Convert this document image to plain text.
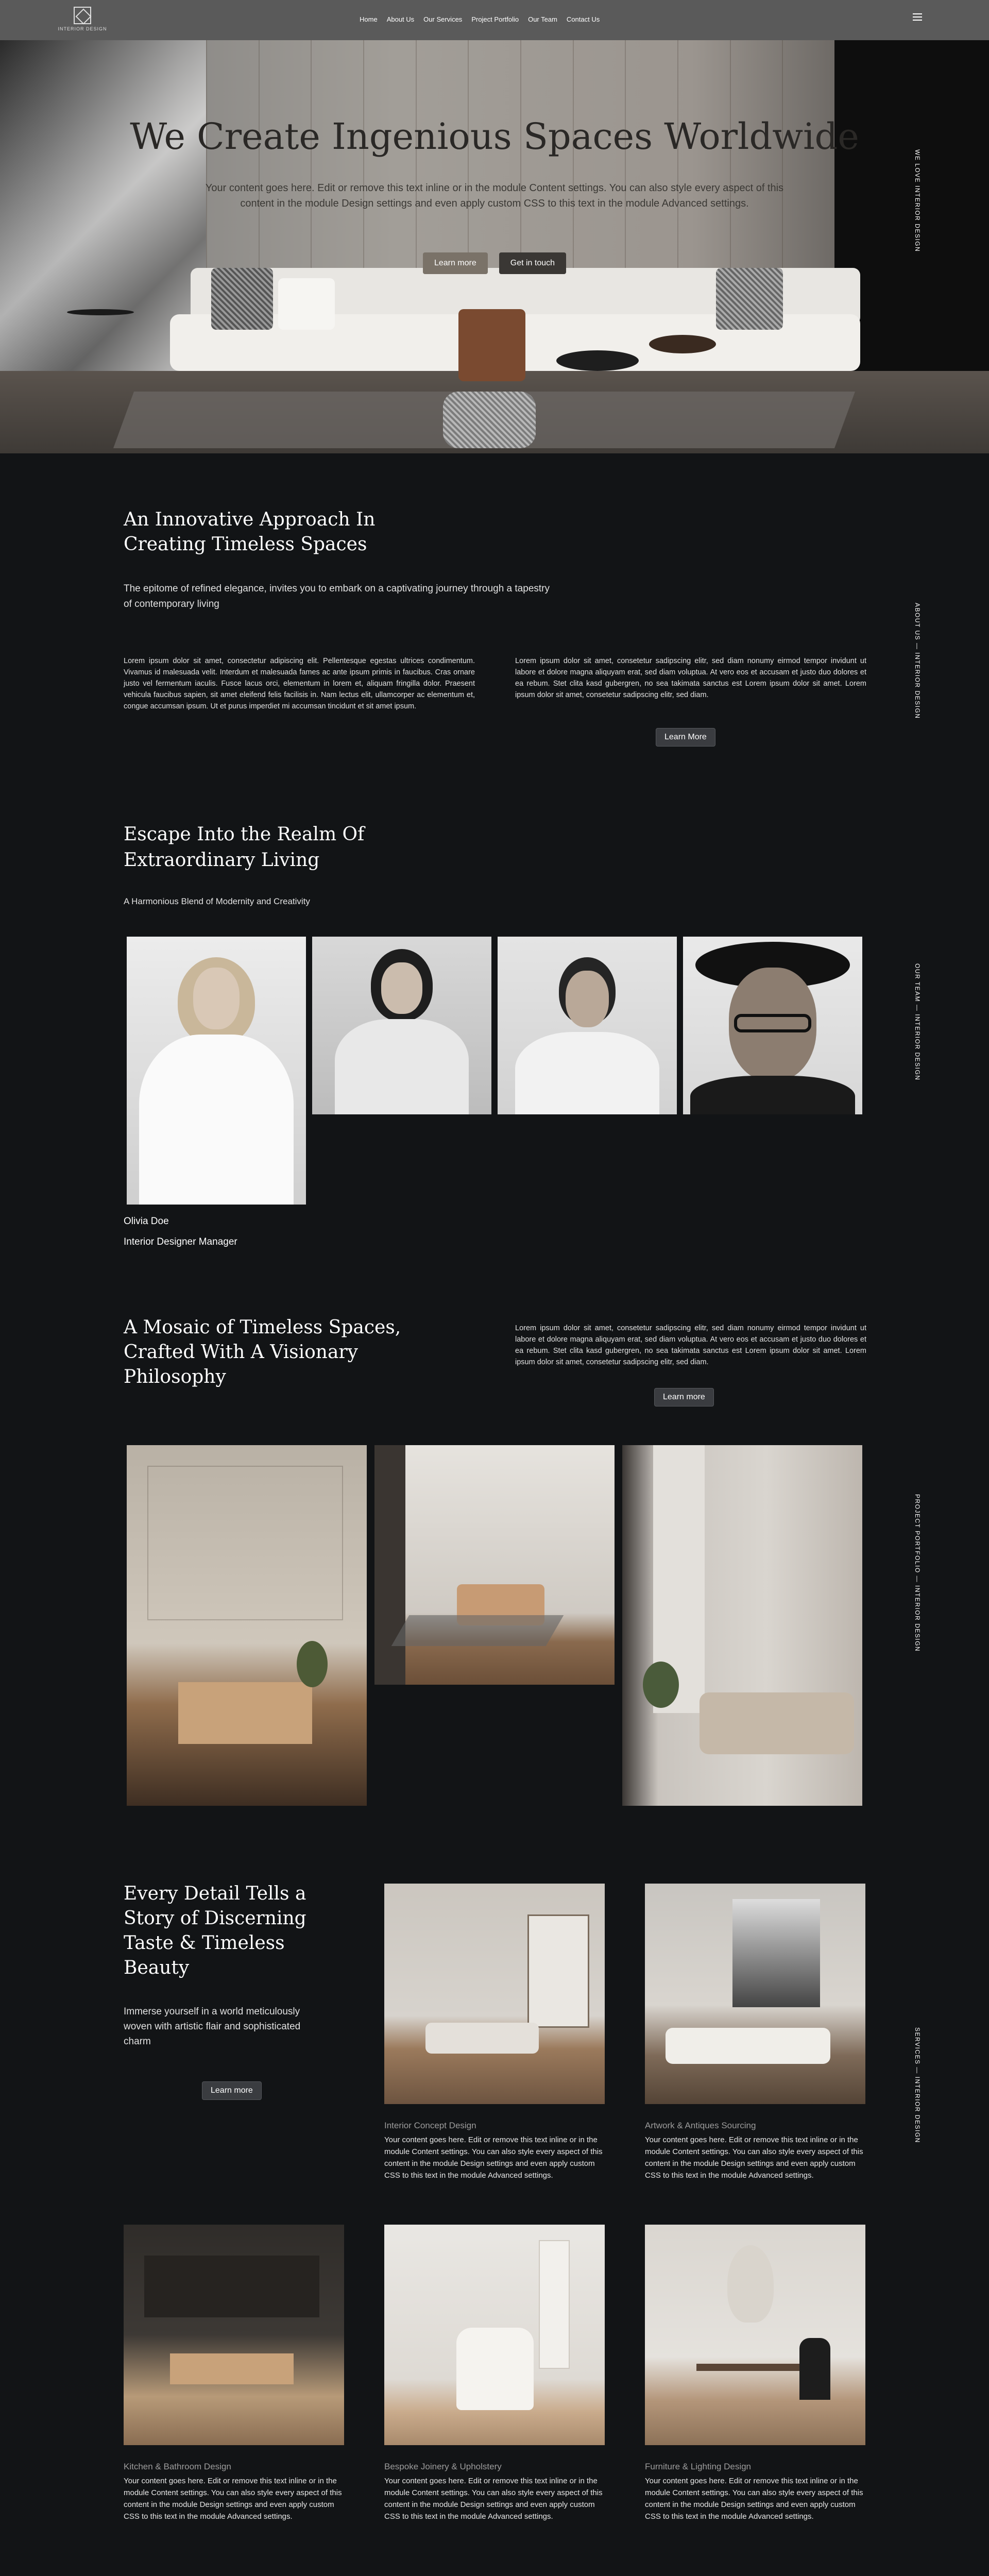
We Create Ingenious Spaces Worldwide

Your content goes here. Edit or remove this text inline or in the module Content settings. You can also style every aspect of this content in the module Design settings and even apply custom CSS to this text in the module Advanced settings.

Learn more	Get in touch
WE LOVE INTERIOR DESIGN
INTERIOR DESIGN
Home About Us Our Services Project Portfolio Our Team Contact Us
An Innovative Approach In Creating Timeless Spaces

The epitome of refined elegance, invites you to embark on a captivating journey through a tapestry of contemporary living

Lorem ipsum dolor sit amet, consectetur adipiscing elit. Pellentesque egestas ultrices condimentum. Vivamus id malesuada velit. Interdum et malesuada fames ac ante ipsum primis in faucibus. Cras ornare justo vel fermentum iaculis. Fusce lacus orci, elementum in lorem et, aliquam fringilla dolor. Praesent vehicula faucibus sapien, sit amet eleifend felis facilisis in. Nam lectus elit, ullamcorper ac elementum et, congue accumsan ipsum. Ut et purus imperdiet mi accumsan tincidunt et sit amet ipsum.

Lorem ipsum dolor sit amet, consetetur sadipscing elitr, sed diam nonumy eirmod tempor invidunt ut labore et dolore magna aliquyam erat, sed diam voluptua. At vero eos et accusam et justo duo dolores et ea rebum. Stet clita kasd gubergren, no sea takimata sanctus est Lorem ipsum dolor sit amet. Lorem ipsum dolor sit amet, consetetur sadipscing elitr, sed diam.

Learn More
ABOUT US — INTERIOR DESIGN
Escape Into the Realm Of Extraordinary Living

A Harmonious Blend of Modernity and Creativity

Olivia Doe

Interior Designer Manager

OUR TEAM — INTERIOR DESIGN
A Mosaic of Timeless Spaces, Crafted With A Visionary Philosophy

Lorem ipsum dolor sit amet, consetetur sadipscing elitr, sed diam nonumy eirmod tempor invidunt ut labore et dolore magna aliquyam erat, sed diam voluptua. At vero eos et accusam et justo duo dolores et ea rebum. Stet clita kasd gubergren, no sea takimata sanctus est Lorem ipsum dolor sit amet. Lorem ipsum dolor sit amet, consetetur sadipscing elitr, sed diam.

Learn more
PROJECT PORTFOLIO — INTERIOR DESIGN
Every Detail Tells a Story of Discerning Taste & Timeless Beauty

Immerse yourself in a world meticulously woven with artistic flair and sophisticated charm

Learn more
Interior Concept Design

Your content goes here. Edit or remove this text inline or in the module Content settings. You can also style every aspect of this content in the module Design settings and even apply custom CSS to this text in the module Advanced settings.

Artwork & Antiques Sourcing

Your content goes here. Edit or remove this text inline or in the module Content settings. You can also style every aspect of this content in the module Design settings and even apply custom CSS to this text in the module Advanced settings.

Kitchen & Bathroom Design

Your content goes here. Edit or remove this text inline or in the module Content settings. You can also style every aspect of this content in the module Design settings and even apply custom CSS to this text in the module Advanced settings.

Bespoke Joinery & Upholstery

Your content goes here. Edit or remove this text inline or in the module Content settings. You can also style every aspect of this content in the module Design settings and even apply custom CSS to this text in the module Advanced settings.

Furniture & Lighting Design

Your content goes here. Edit or remove this text inline or in the module Content settings. You can also style every aspect of this content in the module Design settings and even apply custom CSS to this text in the module Advanced settings.

SERVICES — INTERIOR DESIGN
